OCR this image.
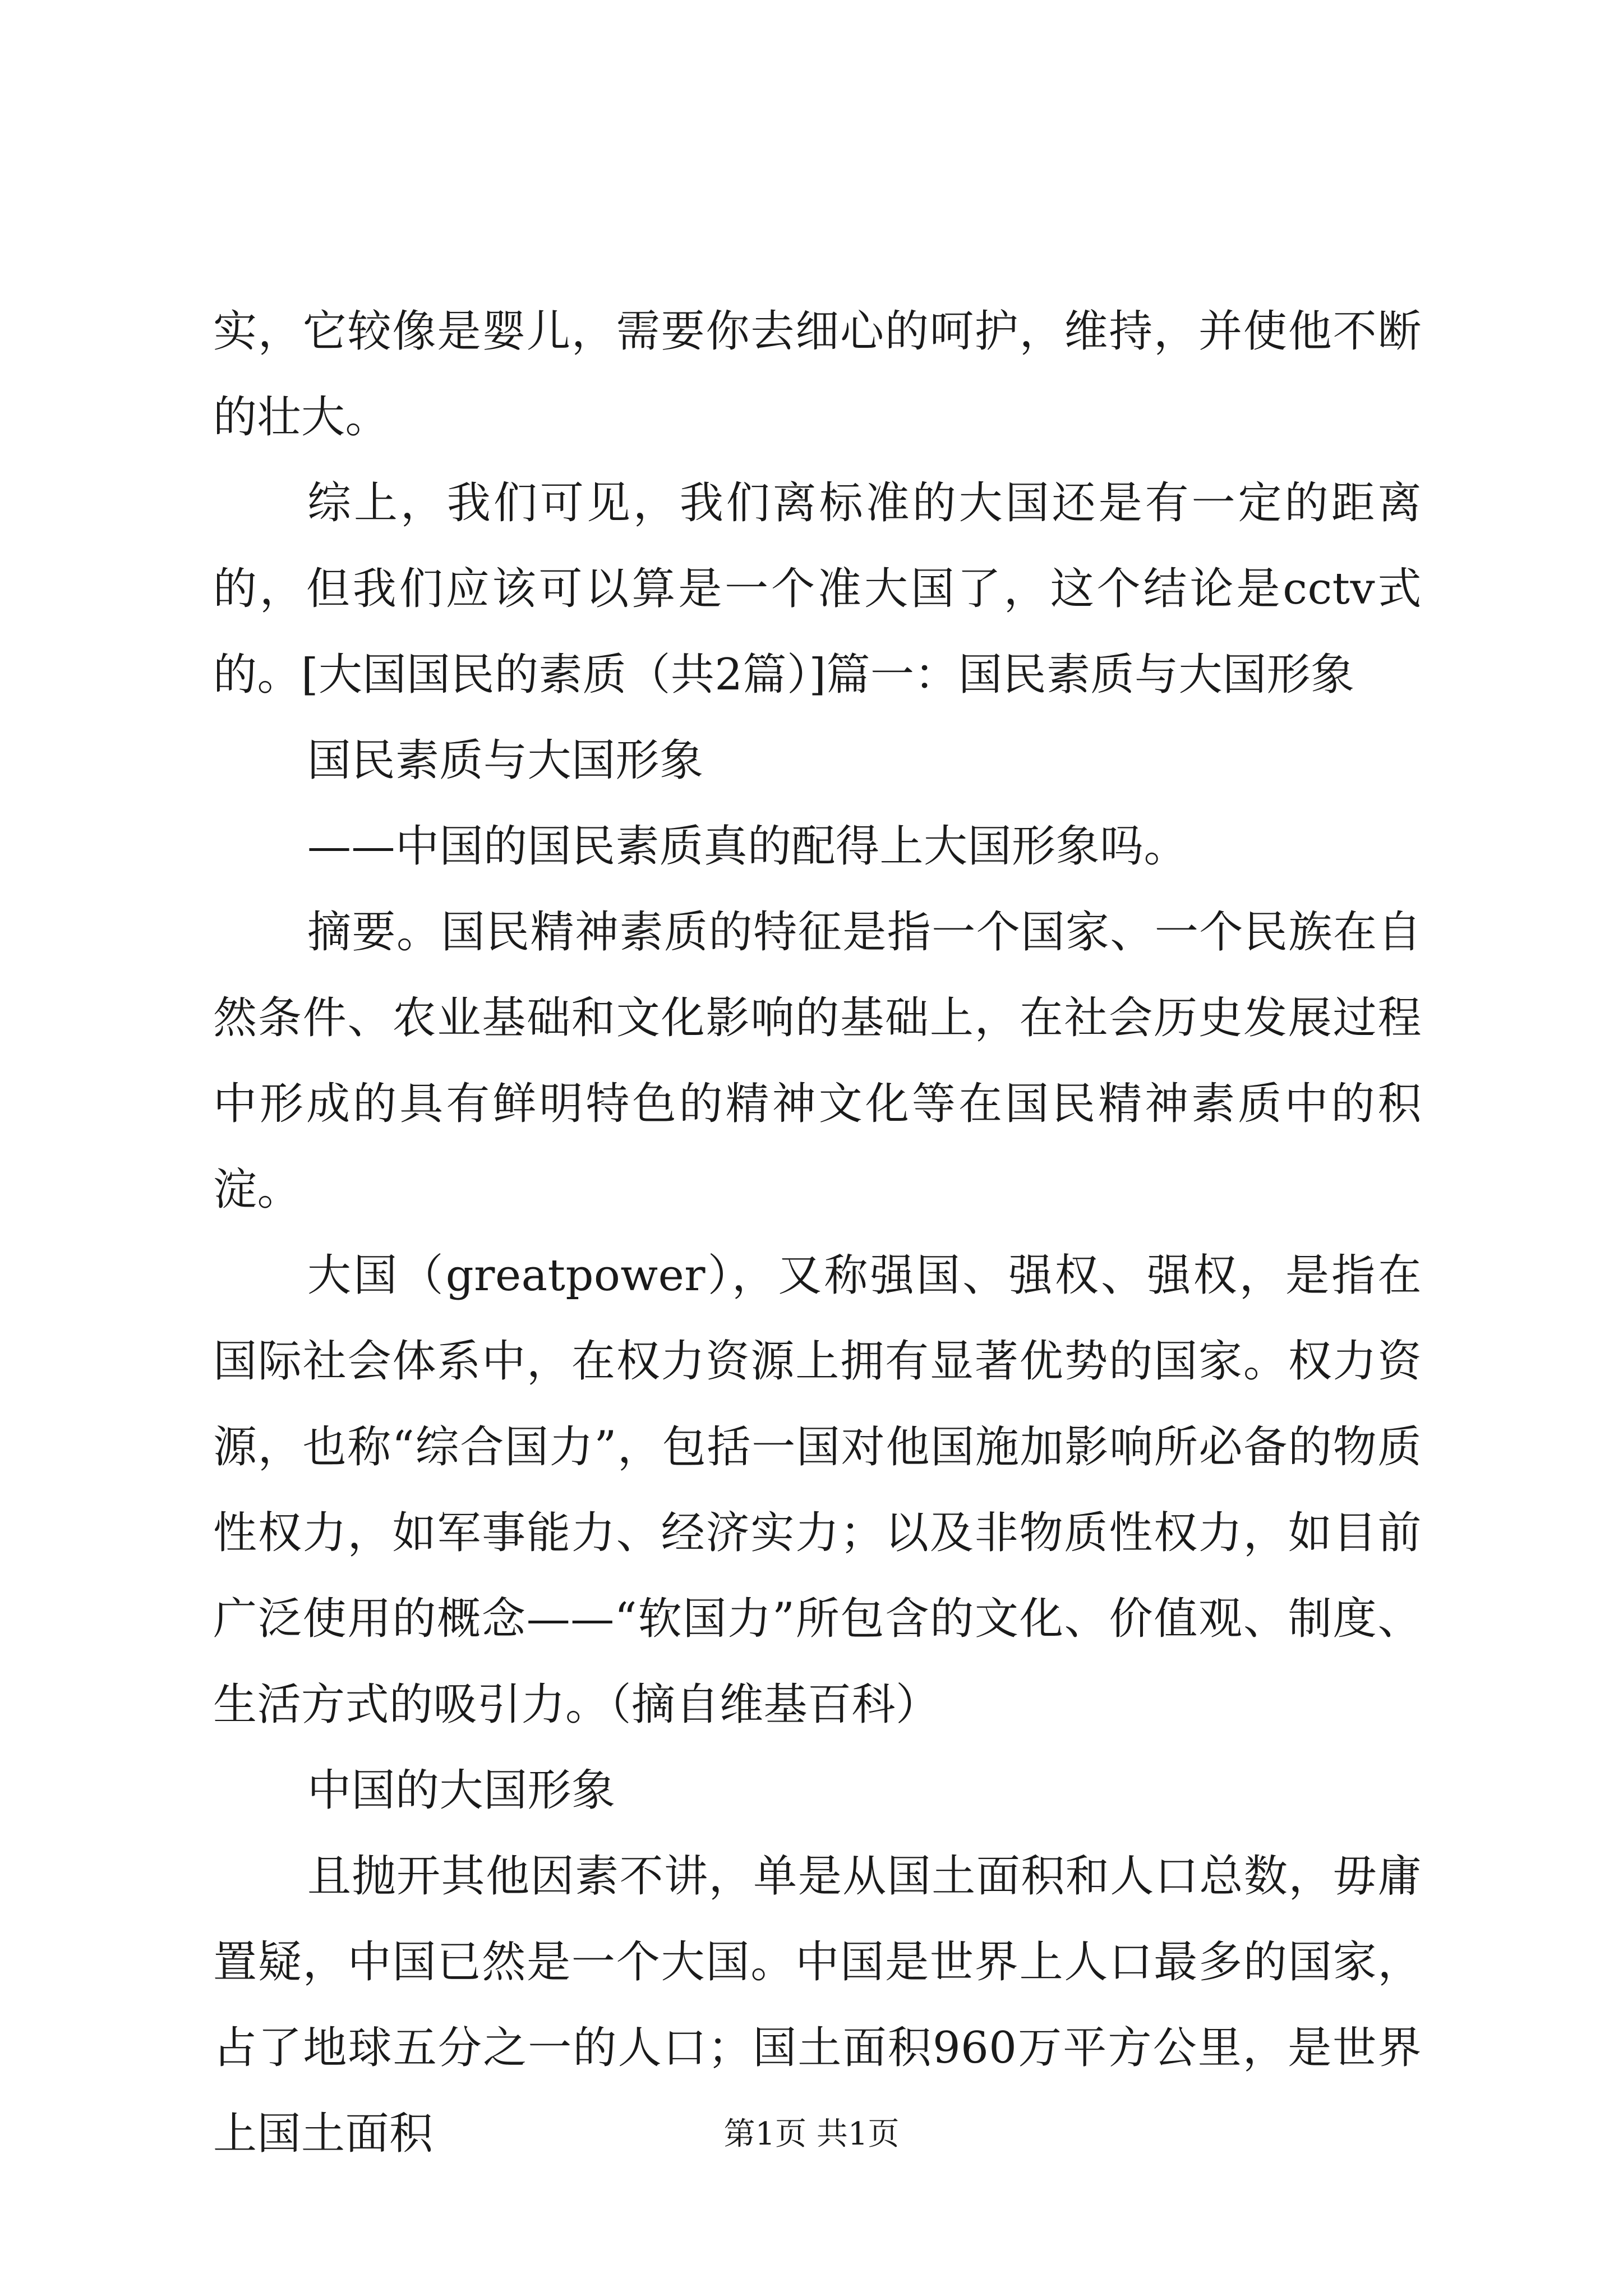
实，它较像是婴儿，需要你去细心的呵护，维持，并使他不断的壮大。

综上，我们可见，我们离标准的大国还是有一定的距离的，但我们应该可以算是一个准大国了，这个结论是cctv式的。[大国国民的素质（共2篇）]篇一：国民素质与大国形象

国民素质与大国形象

——中国的国民素质真的配得上大国形象吗。

摘要。国民精神素质的特征是指一个国家、一个民族在自然条件、农业基础和文化影响的基础上，在社会历史发展过程中形成的具有鲜明特色的精神文化等在国民精神素质中的积淀。

大国（greatpower），又称强国、强权、强权，是指在国际社会体系中，在权力资源上拥有显著优势的国家。权力资源，也称“综合国力”，包括一国对他国施加影响所必备的物质性权力，如军事能力、经济实力；以及非物质性权力，如目前广泛使用的概念——“软国力”所包含的文化、价值观、制度、生活方式的吸引力。（摘自维基百科）

中国的大国形象

且抛开其他因素不讲，单是从国土面积和人口总数，毋庸置疑，中国已然是一个大国。中国是世界上人口最多的国家，占了地球五分之一的人口；国土面积960万平方公里，是世界上国土面积	第1页 共1页
